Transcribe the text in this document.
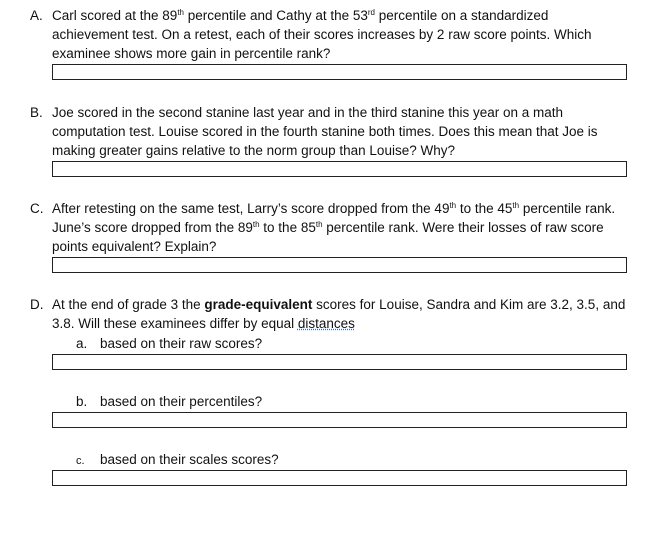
A. Carl scored at the 89th percentile and Cathy at the 53rd percentile on a standardized
achievement test. On a retest, each of their scores increases by 2 raw score points. Which
examinee shows more gain in percentile rank?
B. Joe scored in the second stanine last year and in the third stanine this year on a math
computation test. Louise scored in the fourth stanine both times. Does this mean that Joe is
making greater gains relative to the norm group than Louise? Why?
C. After retesting on the same test, Larry’s score dropped from the 49th to the 45th percentile rank.
June’s score dropped from the 89th to the 85th percentile rank. Were their losses of raw score
points equivalent? Explain?
D. At the end of grade 3 the grade-equivalent scores for Louise, Sandra and Kim are 3.2, 3.5, and
3.8. Will these examinees differ by equal distances
a. based on their raw scores?
b. based on their percentiles?
c. based on their scales scores?
